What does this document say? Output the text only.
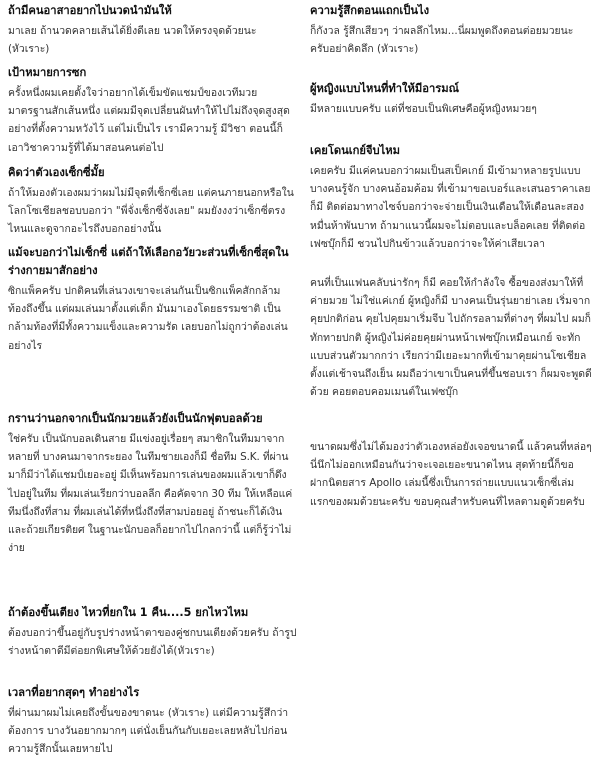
ถ้ามีคนอาสาอยากไปนวดนำมันให้

มาเลย ถ้านวดคลายเส้นได้ยิ่งดีเลย นวดให้ตรงจุดด้วยนะ (หัวเราะ)

เป้าหมายการซก

ครั้งหนึ่งผมเคยตั้งใจว่าอยากได้เข็มขัดแชมป์ของเวทีมวยมาตรฐานสักเส้นหนึ่ง แต่ผมมีจุดเปลี่ยนผันทำให้ไปไม่ถึงจุดสูงสุดอย่างที่ตั้งความหวังไว้ แต่ไม่เป็นไร เรามีความรู้ มีวิชา ตอนนี้ก็เอาวิชาความรู้ที่ได้มาสอนคนต่อไป

คิดว่าตัวเองเซ็กซี่มั้ย

ถ้าให้มองตัวเองผมว่าผมไม่มีจุดที่เซ็กซี่เลย แต่คนภายนอกหรือในโลกโซเชียลชอบบอกว่า "พี่จั่งเซ็กซี่จังเลย" ผมยังงงว่าเซ็กซี่ตรงไหนและดูจากอะไรถึงบอกอย่างนั้น

แม้จะบอกว่าไม่เซ็กซี่ แต่ถ้าให้เลือกอวัยวะส่วนที่เซ็กซี่สุดในร่างกายมาสักอย่าง

ซิกแพ็คครับ ปกติคนที่เล่นวงเขาจะเล่นกันเป็นซิกแพ็คสักกล้ามท้องถึงขึ้น แต่ผมเล่นมาตั้งแต่เด็ก มันมาเองโดยธรรมชาติ เป็นกล้ามท้องที่มีทั้งความแข็งและความรัด เลยบอกไม่ถูกว่าต้องเล่นอย่างไร

กรานว่านอกจากเป็นนักมวยแล้วยังเป็นนักฟุตบอลด้วย

ใช่ครับ เป็นนักบอลเดินสาย มีแข่งอยู่เรื่อยๆ สมาชิกในทีมมาจากหลายที่ บางคนมาจากระยอง ในทีมชายเองก็มี ชื่อทีม S.K. ที่ผ่านมาก็มีว่าได้แชมป์เยอะอยู่ มีเห็นพร้อมการเล่นของผมแล้วเขาก็ดึงไปอยู่ในทีม ที่ผมเล่นเรียกว่าบอลลีก คือคัดจาก 30 ทีม ให้เหลือแค่ทีมนึ่งถึงที่สาม ที่ผมเล่นได้ที่หนึ่งถึงที่สามบ่อยอยู่ ถ้าชนะก็ได้เงินและถ้วยเกียรติยศ ในฐานะนักบอลก็อยากไปไกลกว่านี้ แต่ก็รู้ว่าไม่ง่าย

ถ้าต้องขึ้นเตียง ไหวที่ยกใน 1 คืน....5 ยกไหวไหม

ต้องบอกว่าขึ้นอยู่กับรูปร่างหน้าตาของคู่ชกบนเตียงด้วยครับ ถ้ารูปร่างหน้าตาดีมีต่อยกพิเศษให้ด้วยยังได้(หัวเราะ)

เวลาที่อยากสุดๆ ทำอย่างไร

ที่ผ่านมาผมไม่เคยถึงขั้นของขาดนะ (หัวเราะ) แต่มีความรู้สึกว่าต้องการ บางวันอยากมากๆ แต่นั่งเย็นกันกับเยอะเลยหลับไปก่อน ความรู้สึกนั้นเลยหายไป

ความรู้สึกตอนแถกเป็นไง

ก็กังวล รู้สึกเสียวๆ ว่าผลลึกไหม...นี่ผมพูดถึงตอนต่อยมวยนะครับอย่าคิดลึก (หัวเราะ)

ผู้หญิงแบบไหนที่ทำให้มีอารมณ์

มีหลายแบบครับ แต่ที่ชอบเป็นพิเศษคือผู้หญิงหมวยๆ

เคยโดนเกย์จีบไหม

เคยครับ มีแค่คนบอกว่าผมเป็นสเป็คเกย์ มีเข้ามาหลายรูปแบบ บางคนรู้จัก บางคนอ้อมค้อม ที่เข้ามาขอเบอร์และเสนอราคาเลยก็มี ติดต่อมาทางไซจ์บอกว่าจะจ่ายเป็นเงินเดือนให้เดือนละสองหมื่นห้าพันบาท ถ้ามาแนวนี้ผมจะไม่ตอบและบล็อคเลย ที่ติดต่อเฟซบุ๊กก็มี ชวนไปกินข้าวแล้วบอกว่าจะให้ค่าเสียเวลา

คนที่เป็นแฟนคลับน่ารักๆ ก็มี คอยให้กำลังใจ ซื้อของส่งมาให้ที่ค่ายมวย ไม่ใช่แค่เกย์ ผู้หญิงก็มี บางคนเป็นรุ่นยาย่าเลย เริ่มจากคุยปกติก่อน คุยไปคุยมาเริ่มจีบ ไปถักรอลามที่ต่างๆ ที่ผมไป ผมก็ทักทายปกติ ผู้หญิงไม่ค่อยคุยผ่านหน้าเฟซบุ๊กเหมือนเกย์ จะทักแบบส่วนตัวมากกว่า เรียกว่ามีเยอะมากที่เข้ามาคุยผ่านโซเชียล ตั้งแต่เช้าจนถึงเย็น ผมถือว่าเขาเป็นคนที่ขึ้นชอบเรา ก็ผมจะพูดดีด้วย คอยตอบคอมเมนต์ในเฟซบุ๊ก

ขนาดผมซึ่งไม่ได้มองว่าตัวเองหล่อยังเจอขนาดนี้ แล้วคนที่หล่อๆ นี่นึกไม่ออกเหมือนกันว่าจะเจอเยอะขนาดไหน สุดท้ายนี้ก็ขอฝากนิตยสาร Apollo เล่มนี้ซึ่งเป็นการถ่ายแบบแนวเซ็กซี่เล่มแรกของผมด้วยนะครับ ขอบคุณสำหรับคนที่ไหลตามดูด้วยครับ
